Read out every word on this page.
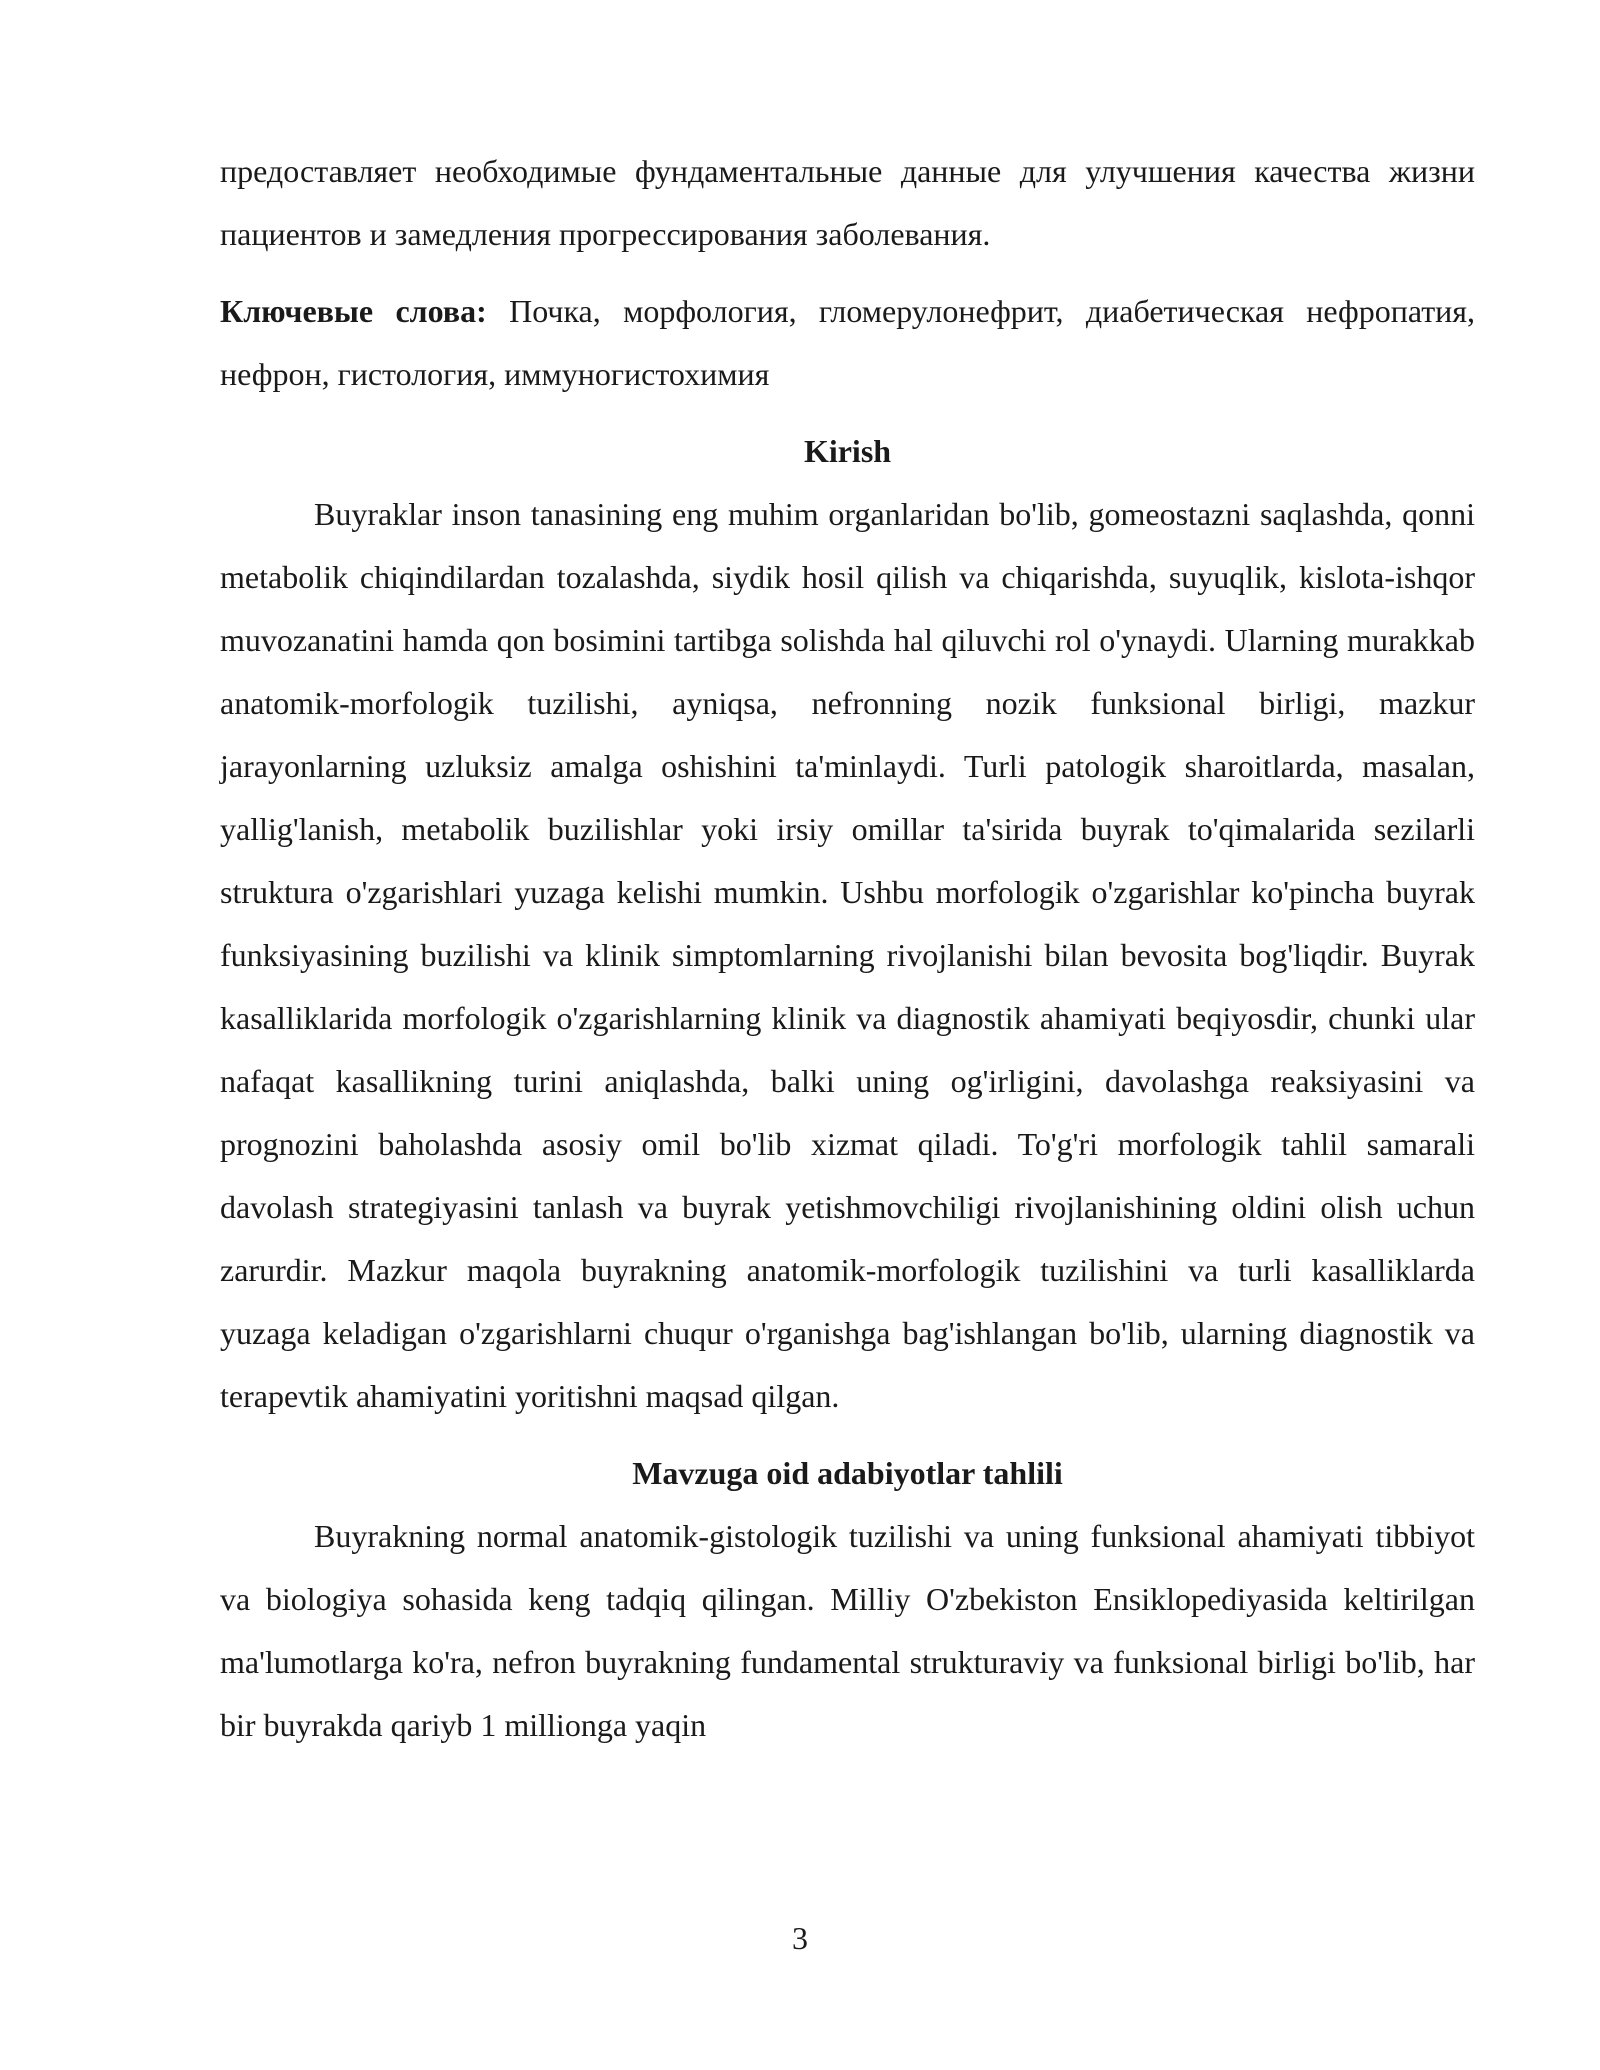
предоставляет необходимые фундаментальные данные для улучшения качества жизни пациентов и замедления прогрессирования заболевания.

Ключевые слова: Почка, морфология, гломерулонефрит, диабетическая нефропатия, нефрон, гистология, иммуногистохимия

Kirish

Buyraklar inson tanasining eng muhim organlaridan bo'lib, gomeostazni saqlashda, qonni metabolik chiqindilardan tozalashda, siydik hosil qilish va chiqarishda, suyuqlik, kislota-ishqor muvozanatini hamda qon bosimini tartibga solishda hal qiluvchi rol o'ynaydi. Ularning murakkab anatomik-morfologik tuzilishi, ayniqsa, nefronning nozik funksional birligi, mazkur jarayonlarning uzluksiz amalga oshishini ta'minlaydi. Turli patologik sharoitlarda, masalan, yallig'lanish, metabolik buzilishlar yoki irsiy omillar ta'sirida buyrak to'qimalarida sezilarli struktura o'zgarishlari yuzaga kelishi mumkin. Ushbu morfologik o'zgarishlar ko'pincha buyrak funksiyasining buzilishi va klinik simptomlarning rivojlanishi bilan bevosita bog'liqdir. Buyrak kasalliklarida morfologik o'zgarishlarning klinik va diagnostik ahamiyati beqiyosdir, chunki ular nafaqat kasallikning turini aniqlashda, balki uning og'irligini, davolashga reaksiyasini va prognozini baholashda asosiy omil bo'lib xizmat qiladi. To'g'ri morfologik tahlil samarali davolash strategiyasini tanlash va buyrak yetishmovchiligi rivojlanishining oldini olish uchun zarurdir. Mazkur maqola buyrakning anatomik-morfologik tuzilishini va turli kasalliklarda yuzaga keladigan o'zgarishlarni chuqur o'rganishga bag'ishlangan bo'lib, ularning diagnostik va terapevtik ahamiyatini yoritishni maqsad qilgan.

Mavzuga oid adabiyotlar tahlili

Buyrakning normal anatomik-gistologik tuzilishi va uning funksional ahamiyati tibbiyot va biologiya sohasida keng tadqiq qilingan. Milliy O'zbekiston Ensiklopediyasida keltirilgan ma'lumotlarga ko'ra, nefron buyrakning fundamental strukturaviy va funksional birligi bo'lib, har bir buyrakda qariyb 1 millionga yaqin

3
